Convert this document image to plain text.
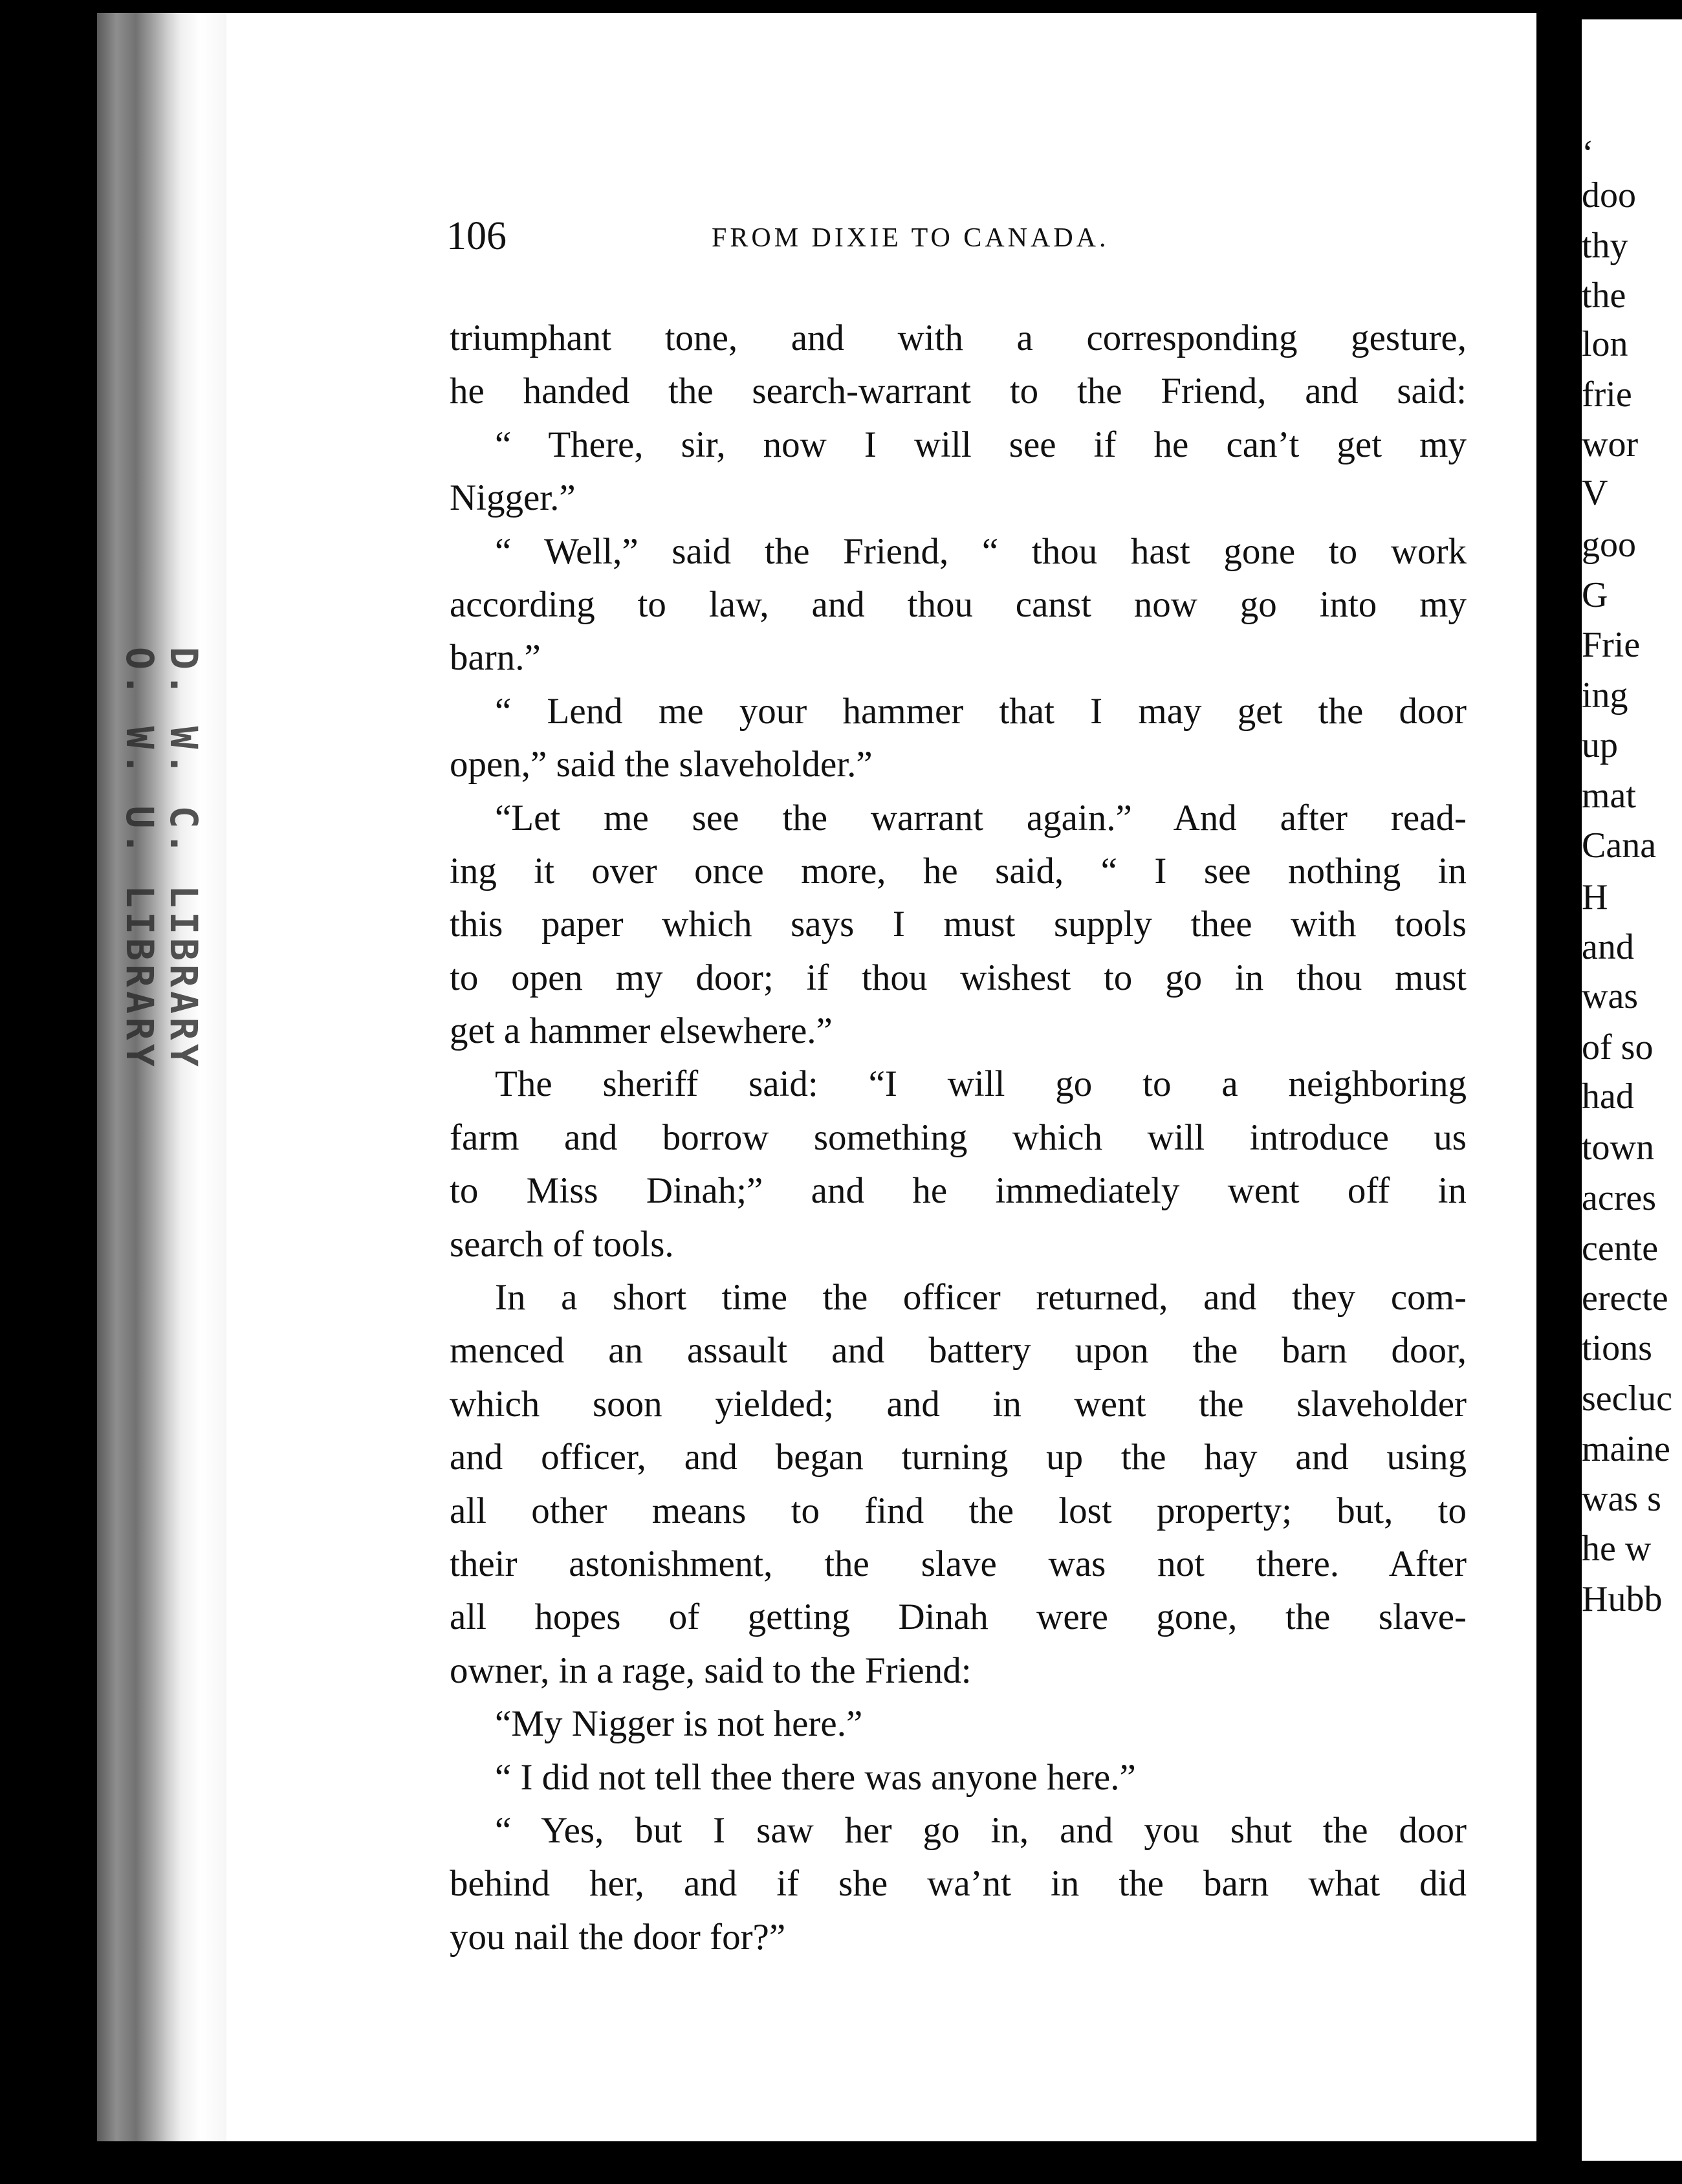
D. W. C. LIBRARY
O. W. U. LIBRARY
106	FROM DIXIE TO CANADA.
triumphant tone, and with a corresponding gesture,
he handed the search-warrant to the Friend, and said:
“ There, sir, now I will see if he can’t get my
Nigger.”
“ Well,” said the Friend, “ thou hast gone to work
according to law, and thou canst now go into my
barn.”
“ Lend me your hammer that I may get the door
open,” said the slaveholder.”
“Let me see the warrant again.” And after read-
ing it over once more, he said, “ I see nothing in
this paper which says I must supply thee with tools
to open my door; if thou wishest to go in thou must
get a hammer elsewhere.”
The sheriff said: “I will go to a neighboring
farm and borrow something which will introduce us
to Miss Dinah;” and he immediately went off in
search of tools.
In a short time the officer returned, and they com-
menced an assault and battery upon the barn door,
which soon yielded; and in went the slaveholder
and officer, and began turning up the hay and using
all other means to find the lost property; but, to
their astonishment, the slave was not there. After
all hopes of getting Dinah were gone, the slave-
owner, in a rage, said to the Friend:
“My Nigger is not here.”
“ I did not tell thee there was anyone here.”
“ Yes, but I saw her go in, and you shut the door
behind her, and if she wa’nt in the barn what did
you nail the door for?”
‘
doo
thy
the
lon
frie
wor
V
goo
G
Frie
ing
up
mat
Cana
H
and
was
of so
had
town
acres
cente
erecte
tions
secluc
maine
was s
he w
Hubb
